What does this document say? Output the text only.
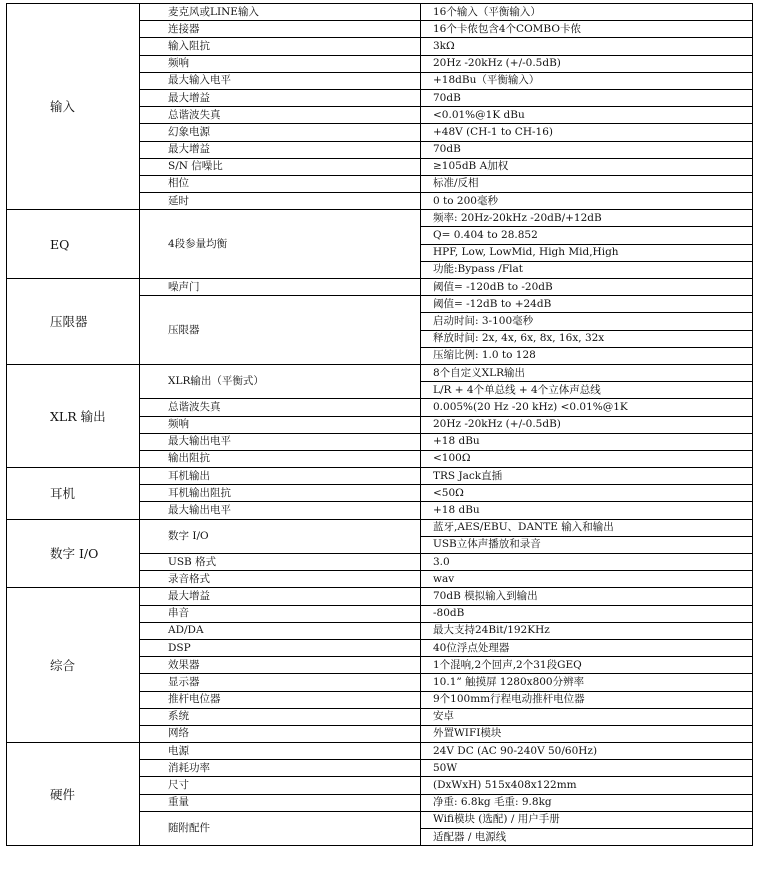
输入	麦克风或LINE输入	16个输入（平衡输入）
	连接器	16个卡侬包含4个COMBO卡侬
	输入阻抗	3kΩ
	频响	20Hz -20kHz (+/-0.5dB)
	最大输入电平	+18dBu（平衡输入）
	最大增益	70dB
	总谐波失真	<0.01%@1K dBu
	幻象电源	+48V (CH-1 to CH-16)
	最大增益	70dB
	S/N 信噪比	≥105dB A加权
	相位	标准/反相
	延时	0 to 200毫秒
EQ	4段参量均衡	频率: 20Hz-20kHz -20dB/+12dB
		Q= 0.404 to 28.852
		HPF, Low, LowMid, High Mid,High
		功能:Bypass /Flat
压限器	噪声门	阈值= -120dB to -20dB
	压限器	阈值= -12dB to +24dB
		启动时间: 3-100毫秒
		释放时间: 2x, 4x, 6x, 8x, 16x, 32x
		压缩比例: 1.0 to 128
XLR 输出	XLR输出（平衡式）	8个自定义XLR输出
		L/R + 4个单总线 + 4个立体声总线
	总谐波失真	0.005%(20 Hz -20 kHz) <0.01%@1K
	频响	20Hz -20kHz (+/-0.5dB)
	最大输出电平	+18 dBu
	输出阻抗	<100Ω
耳机	耳机输出	TRS Jack直插
	耳机输出阻抗	<50Ω
	最大输出电平	+18 dBu
数字 I/O	数字 I/O	蓝牙,AES/EBU、DANTE 输入和输出
		USB立体声播放和录音
	USB 格式	3.0
	录音格式	wav
综合	最大增益	70dB 模拟输入到输出
	串音	-80dB
	AD/DA	最大支持24Bit/192KHz
	DSP	40位浮点处理器
	效果器	1个混响,2个回声,2个31段GEQ
	显示器	10.1” 触摸屏 1280x800分辨率
	推杆电位器	9个100mm行程电动推杆电位器
	系统	安卓
	网络	外置WIFI模块
硬件	电源	24V DC (AC 90-240V 50/60Hz)
	消耗功率	50W
	尺寸	(DxWxH) 515x408x122mm
	重量	净重: 6.8kg 毛重: 9.8kg
	随附配件	Wifi模块 (选配) / 用户手册
		适配器 / 电源线
